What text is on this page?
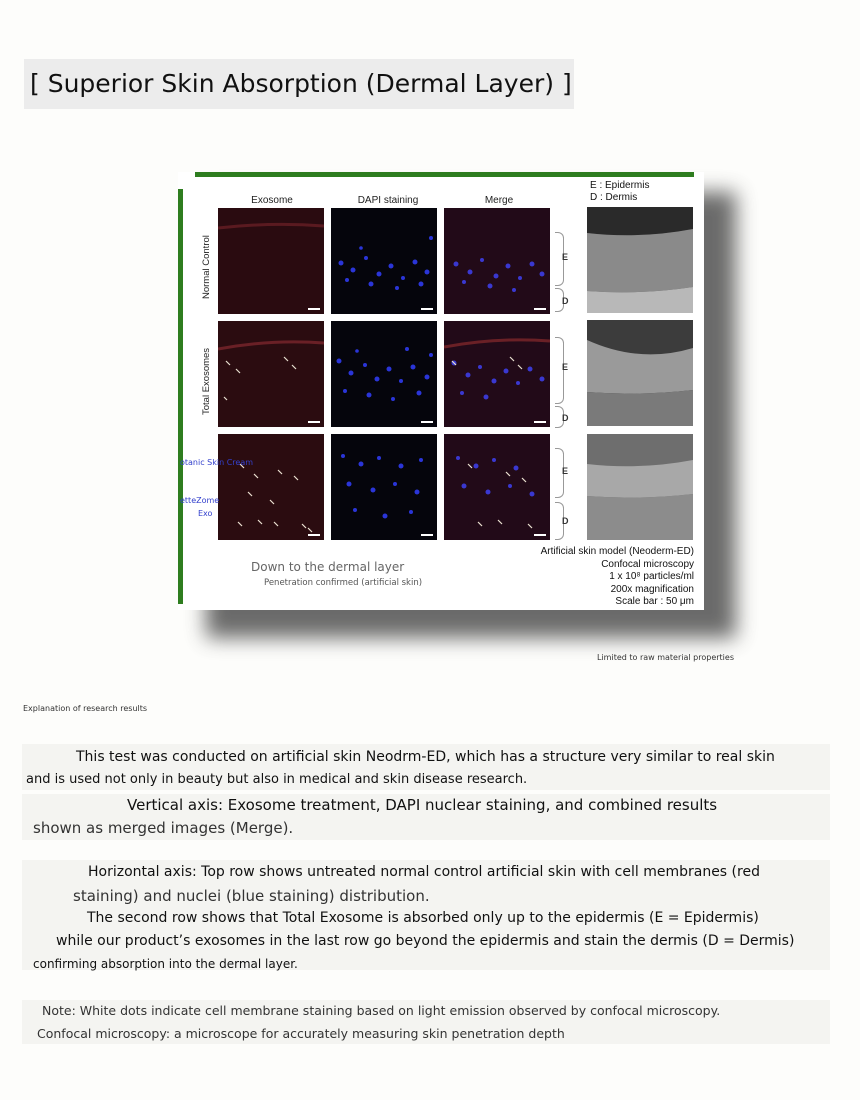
[ Superior Skin Absorption (Dermal Layer) ]
Exosome	DAPI staining	Merge
E : Epidermis
D : Dermis
Normal Control
Total Exosomes
E
D
E
D
E
D
Artificial skin model (Neoderm-ED)
Confocal microscopy
1 x 10⁸ particles/ml
200x magnification
Scale bar : 50 μm
Down to the dermal layer
Penetration confirmed (artificial skin)
otanic Skin Cream
etteZome
Exo
Limited to raw material properties
Explanation of research results
This test was conducted on artificial skin Neodrm-ED, which has a structure very similar to real skin
and is used not only in beauty but also in medical and skin disease research.
Vertical axis: Exosome treatment, DAPI nuclear staining, and combined results
shown as merged images (Merge).
Horizontal axis: Top row shows untreated normal control artificial skin with cell membranes (red
staining) and nuclei (blue staining) distribution.
The second row shows that Total Exosome is absorbed only up to the epidermis (E = Epidermis)
while our product’s exosomes in the last row go beyond the epidermis and stain the dermis (D = Dermis)
confirming absorption into the dermal layer.
Note: White dots indicate cell membrane staining based on light emission observed by confocal microscopy.
Confocal microscopy: a microscope for accurately measuring skin penetration depth
